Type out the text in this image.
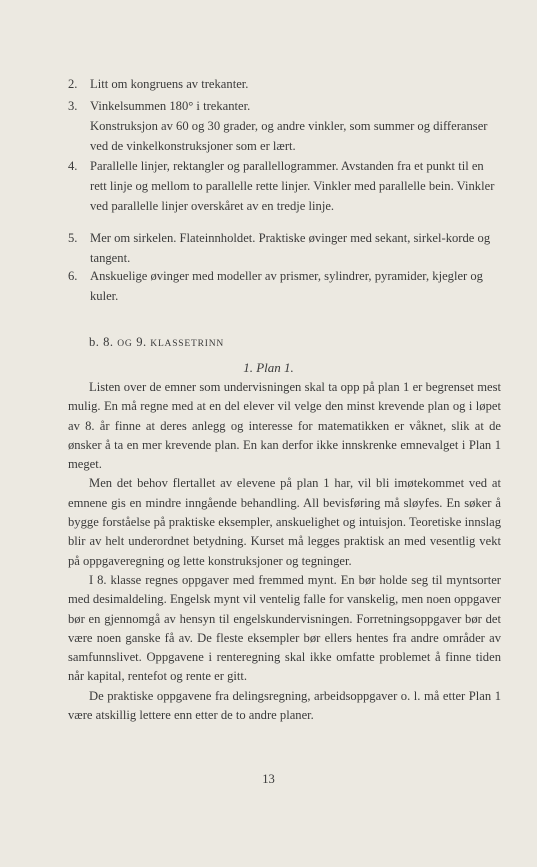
2. Litt om kongruens av trekanter.

3. Vinkelsummen 180° i trekanter.

Konstruksjon av 60 og 30 grader, og andre vinkler, som summer og differanser ved de vinkelkonstruksjoner som er lært.

4. Parallelle linjer, rektangler og parallellogrammer. Avstanden fra et punkt til en rett linje og mellom to parallelle rette linjer. Vinkler med parallelle bein. Vinkler ved parallelle linjer overskåret av en tredje linje.

5. Mer om sirkelen. Flateinnholdet. Praktiske øvinger med sekant, sirkel-korde og tangent.

6. Anskuelige øvinger med modeller av prismer, sylindrer, pyramider, kjegler og kuler.

b. 8. OG 9. KLASSETRINN
1. Plan 1.

Listen over de emner som undervisningen skal ta opp på plan 1 er begrenset mest mulig. En må regne med at en del elever vil velge den minst krevende plan og i løpet av 8. år finne at deres anlegg og interesse for matematikken er våknet, slik at de ønsker å ta en mer krevende plan. En kan derfor ikke innskrenke emnevalget i Plan 1 meget.

Men det behov flertallet av elevene på plan 1 har, vil bli imøtekommet ved at emnene gis en mindre inngående behandling. All bevisføring må sløyfes. En søker å bygge forståelse på praktiske eksempler, anskuelighet og intuisjon. Teoretiske innslag blir av helt underordnet betydning. Kurset må legges praktisk an med vesentlig vekt på oppgaveregning og lette konstruksjoner og tegninger.

I 8. klasse regnes oppgaver med fremmed mynt. En bør holde seg til myntsorter med desimaldeling. Engelsk mynt vil ventelig falle for vanskelig, men noen oppgaver bør en gjennomgå av hensyn til engelskundervisningen. Forretningsoppgaver bør det være noen ganske få av. De fleste eksempler bør ellers hentes fra andre områder av samfunnslivet. Oppgavene i renteregning skal ikke omfatte problemet å finne tiden når kapital, rentefot og rente er gitt.

De praktiske oppgavene fra delingsregning, arbeidsoppgaver o. l. må etter Plan 1 være atskillig lettere enn etter de to andre planer.

13
